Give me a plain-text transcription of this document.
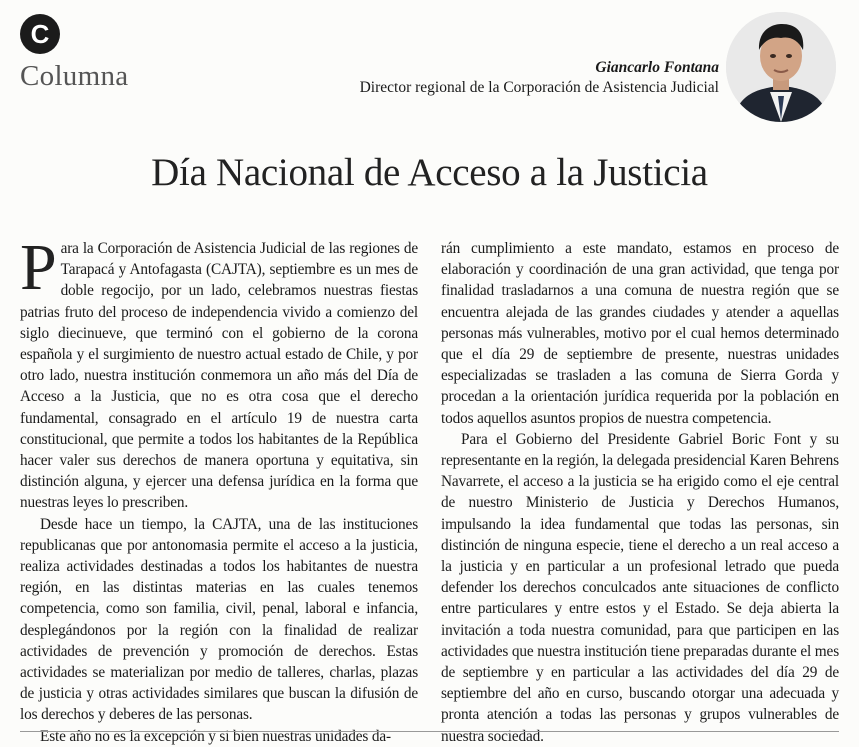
C
Columna	Giancarlo Fontana
Director regional de la Corporación de Asistencia Judicial
Día Nacional de Acceso a la Justicia

Para la Corporación de Asistencia Judicial de las regiones de Tarapacá y Antofagasta (CAJTA), septiembre es un mes de doble regocijo, por un lado, celebramos nuestras fiestas patrias fruto del proceso de independencia vivido a comienzo del siglo diecinueve, que terminó con el gobierno de la corona española y el surgimiento de nuestro actual estado de Chile, y por otro lado, nuestra institución conmemora un año más del Día de Acceso a la Justicia, que no es otra cosa que el derecho fundamental, consagrado en el artículo 19 de nuestra carta constitucional, que permite a todos los habitantes de la República hacer valer sus derechos de manera oportuna y equitativa, sin distinción alguna, y ejercer una defensa jurídica en la forma que nuestras leyes lo prescriben.

Desde hace un tiempo, la CAJTA, una de las instituciones republicanas que por antonomasia permite el acceso a la justicia, realiza actividades destinadas a todos los habitantes de nuestra región, en las distintas materias en las cuales tenemos competencia, como son familia, civil, penal, laboral e infancia, desplegándonos por la región con la finalidad de realizar actividades de prevención y promoción de derechos. Estas actividades se materializan por medio de talleres, charlas, plazas de justicia y otras actividades similares que buscan la difusión de los derechos y deberes de las personas.

Este año no es la excepción y si bien nuestras unidades da-

rán cumplimiento a este mandato, estamos en proceso de elaboración y coordinación de una gran actividad, que tenga por finalidad trasladarnos a una comuna de nuestra región que se encuentra alejada de las grandes ciudades y atender a aquellas personas más vulnerables, motivo por el cual hemos determinado que el día 29 de septiembre de presente, nuestras unidades especializadas se trasladen a las comuna de Sierra Gorda y procedan a la orientación jurídica requerida por la población en todos aquellos asuntos propios de nuestra competencia.

Para el Gobierno del Presidente Gabriel Boric Font y su representante en la región, la delegada presidencial Karen Behrens Navarrete, el acceso a la justicia se ha erigido como el eje central de nuestro Ministerio de Justicia y Derechos Humanos, impulsando la idea fundamental que todas las personas, sin distinción de ninguna especie, tiene el derecho a un real acceso a la justicia y en particular a un profesional letrado que pueda defender los derechos conculcados ante situaciones de conflicto entre particulares y entre estos y el Estado. Se deja abierta la invitación a toda nuestra comunidad, para que participen en las actividades que nuestra institución tiene preparadas durante el mes de septiembre y en particular a las actividades del día 29 de septiembre del año en curso, buscando otorgar una adecuada y pronta atención a todas las personas y grupos vulnerables de nuestra sociedad.
